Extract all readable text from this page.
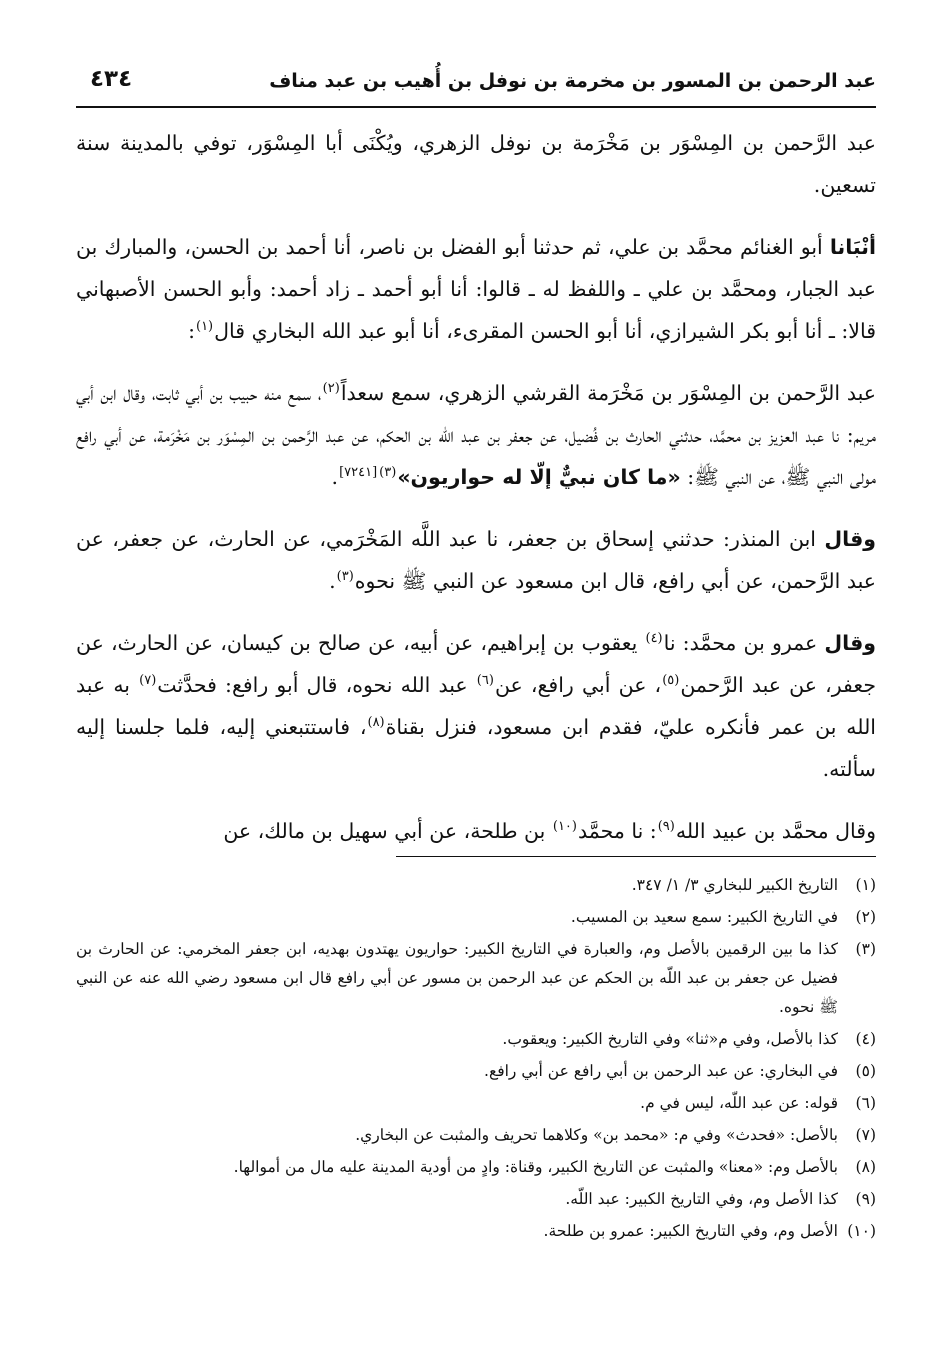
عبد الرحمن بن المسور بن مخرمة بن نوفل بن أُهيب بن عبد مناف
٤٣٤

عبد الرَّحمن بن المِسْوَر بن مَخْرَمة بن نوفل الزهري، ويُكْنَى أبا المِسْوَر، توفي بالمدينة سنة تسعين.

أنْبَانا أبو الغنائم محمَّد بن علي، ثم حدثنا أبو الفضل بن ناصر، أنا أحمد بن الحسن، والمبارك بن عبد الجبار، ومحمَّد بن علي ـ واللفظ له ـ قالوا: أنا أبو أحمد ـ زاد أحمد: وأبو الحسن الأصبهاني قالا: ـ أنا أبو بكر الشيرازي، أنا أبو الحسن المقرىء، أنا أبو عبد الله البخاري قال$^{(١)}$:

عبد الرَّحمن بن المِسْوَر بن مَخْرَمة القرشي الزهري، سمع سعداً$^{(٢)}$، سمع منه حبيب بن أبي ثابت، وقال ابن أبي مريم: نا عبد العزيز بن محمَّد، حدثني الحارث بن فُضيل، عن جعفر بن عبد الله بن الحكم، عن عبد الرَّحمن بن المِسْوَر بن مَخْرَمة، عن أبي رافع مولى النبي ﷺ، عن النبي ﷺ: «ما كان نبيٌّ إلّا له حواريون»$^{(٣)[٧٢٤١]}$.

وقال ابن المنذر: حدثني إسحاق بن جعفر، نا عبد اللَّه المَخْرَمي، عن الحارث، عن جعفر، عن عبد الرَّحمن، عن أبي رافع، قال ابن مسعود عن النبي ﷺ نحوه$^{(٣)}$.

وقال عمرو بن محمَّد: نا$^{(٤)}$ يعقوب بن إبراهيم، عن أبيه، عن صالح بن كيسان، عن الحارث، عن جعفر، عن عبد الرَّحمن$^{(٥)}$، عن أبي رافع، عن$^{(٦)}$ عبد الله نحوه، قال أبو رافع: فحدَّثت$^{(٧)}$ به عبد الله بن عمر فأنكره عليّ، فقدم ابن مسعود، فنزل بقناة$^{(٨)}$، فاستتبعني إليه، فلما جلسنا إليه سألته.

وقال محمَّد بن عبيد الله$^{(٩)}$: نا محمَّد$^{(١٠)}$ بن طلحة، عن أبي سهيل بن مالك، عن

(١)
التاريخ الكبير للبخاري ٣/ ١/ ٣٤٧.
(٢)
في التاريخ الكبير: سمع سعيد بن المسيب.
(٣)
كذا ما بين الرقمين بالأصل وم، والعبارة في التاريخ الكبير: حواريون يهتدون بهديه، ابن جعفر المخرمي: عن الحارث بن فضيل عن جعفر بن عبد اللّه بن الحكم عن عبد الرحمن بن مسور عن أبي رافع قال ابن مسعود رضي الله عنه عن النبي ﷺ نحوه.
(٤)
كذا بالأصل، وفي م«ثنا» وفي التاريخ الكبير: ويعقوب.
(٥)
في البخاري: عن عبد الرحمن بن أبي رافع عن أبي رافع.
(٦)
قوله: عن عبد اللّه، ليس في م.
(٧)
بالأصل: «فحدث» وفي م: «محمد بن» وكلاهما تحريف والمثبت عن البخاري.
(٨)
بالأصل وم: «معنا» والمثبت عن التاريخ الكبير، وقناة: وادٍ من أودية المدينة عليه مال من أموالها.
(٩)
كذا الأصل وم، وفي التاريخ الكبير: عبد اللّه.
(١٠)
الأصل وم، وفي التاريخ الكبير: عمرو بن طلحة.
